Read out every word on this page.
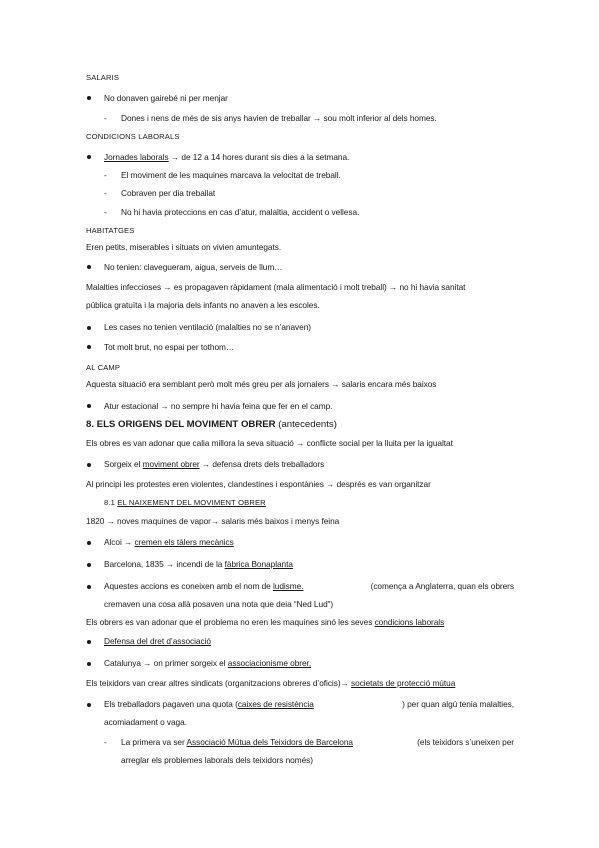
SALARIS
No donaven gairebé ni per menjar
- Dones i nens de més de sis anys havien de treballar → sou molt inferior al dels homes.
CONDICIONS LABORALS
Jornades laborals → de 12 a 14 hores durant sis dies a la setmana.
- El moviment de les maquines marcava la velocitat de treball.
- Cobraven per dia treballat
- No hi havia proteccions en cas d’atur, malaltia, accident o vellesa.
HABITATGES
Eren petits, miserables i situats on vivien amuntegats.
No tenien: clavegueram, aigua, serveis de llum…
Malalties infeccioses → es propagaven ràpidament (mala alimentació i molt treball) → no hi havia sanitat
pública gratuïta i la majoria dels infants no anaven a les escoles.
Les cases no tenien ventilació (malalties no se n’anaven)
Tot molt brut, no espai per tothom…
AL CAMP
Aquesta situació era semblant però molt més greu per als jornalers → salaris encara més baixos
Atur estacional → no sempre hi havia feina que fer en el camp.
8. ELS ORIGENS DEL MOVIMENT OBRER (antecedents)
Els obres es van adonar que calia millora la seva situació → conflicte social per la lluita per la igualtat
Sorgeix el moviment obrer → defensa drets dels treballadors
Al principi les protestes eren violentes, clandestines i espontànies → després es van organitzar
8.1 EL NAIXEMENT DEL MOVIMENT OBRER
1820 → noves maquines de vapor→ salaris més baixos i menys feina
Alcoi → cremen els tàlers mecànics
Barcelona, 1835 → incendi de la fàbrica Bonaplanta
Aquestes accions es coneixen amb el nom de ludisme.	(comença a Anglaterra, quan els obrers
cremaven una cosa allà posaven una nota que deia “Ned Lud”)
Els obrers es van adonar que el problema no eren les maquines sinó les seves condicions laborals
Defensa del dret d’associació
Catalunya → on primer sorgeix el associacionisme obrer,
Els teixidors van crear altres sindicats (organitzacions obreres d’oficis)→ societats de protecció mútua
Els treballadors pagaven una quota (caixes de resistència	) per quan algú tenia malalties,
acomiadament o vaga.
- La primera va ser Associació Mútua dels Teixidors de Barcelona	(els teixidors s’uneixen per
arreglar els problemes laborals dels teixidors només)
